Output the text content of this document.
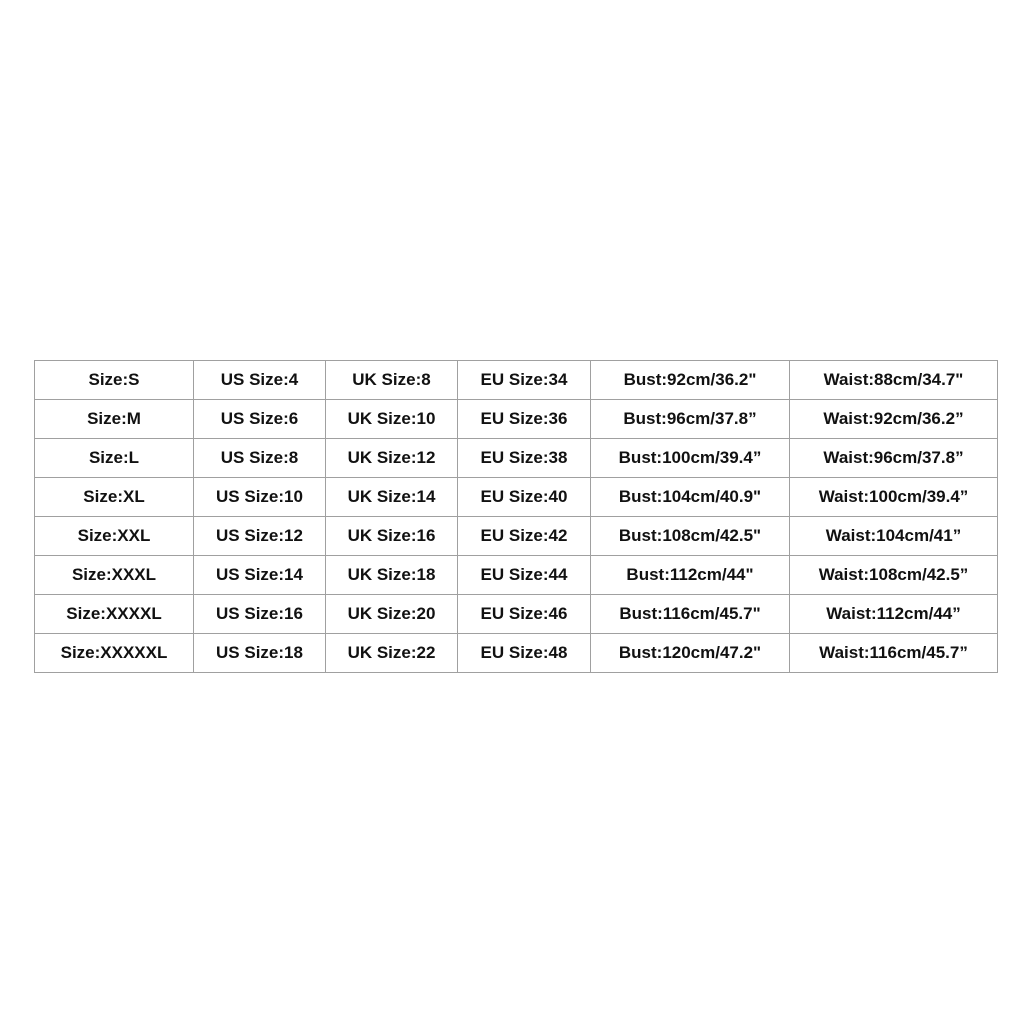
Size:S	US Size:4	UK Size:8	EU Size:34	Bust:92cm/36.2"	Waist:88cm/34.7"
Size:M	US Size:6	UK Size:10	EU Size:36	Bust:96cm/37.8”	Waist:92cm/36.2”
Size:L	US Size:8	UK Size:12	EU Size:38	Bust:100cm/39.4”	Waist:96cm/37.8”
Size:XL	US Size:10	UK Size:14	EU Size:40	Bust:104cm/40.9"	Waist:100cm/39.4”
Size:XXL	US Size:12	UK Size:16	EU Size:42	Bust:108cm/42.5"	Waist:104cm/41”
Size:XXXL	US Size:14	UK Size:18	EU Size:44	Bust:112cm/44"	Waist:108cm/42.5”
Size:XXXXL	US Size:16	UK Size:20	EU Size:46	Bust:116cm/45.7"	Waist:112cm/44”
Size:XXXXXL	US Size:18	UK Size:22	EU Size:48	Bust:120cm/47.2"	Waist:116cm/45.7”
